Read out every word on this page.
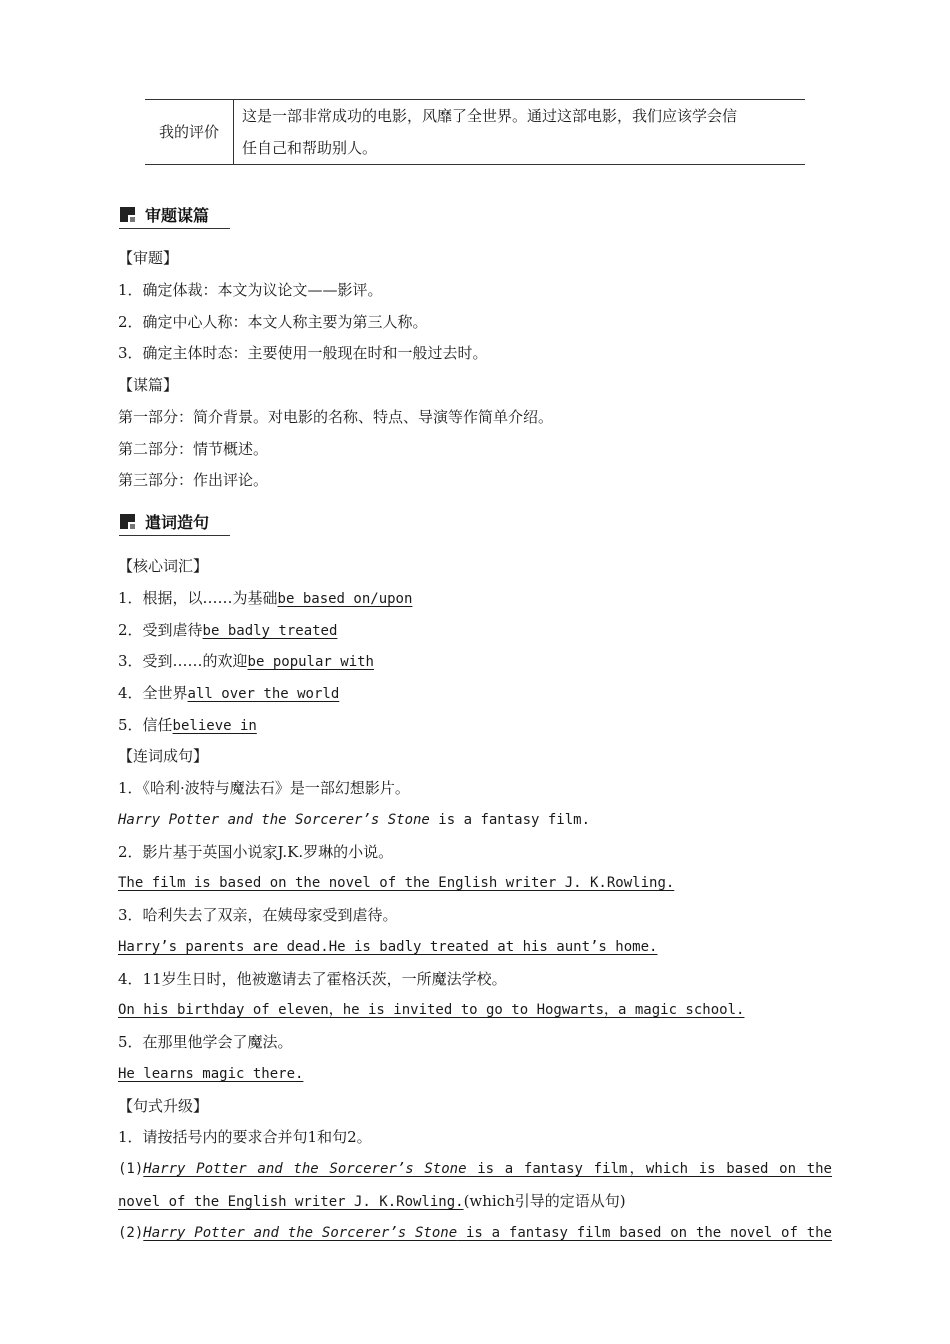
我的评价	
这是一部非常成功的电影，风靡了全世界。通过这部电影，我们应该学会信
任自己和帮助别人。
审题谋篇
【审题】
1．确定体裁：本文为议论文——影评。
2．确定中心人称：本文人称主要为第三人称。
3．确定主体时态：主要使用一般现在时和一般过去时。
【谋篇】
第一部分：简介背景。对电影的名称、特点、导演等作简单介绍。
第二部分：情节概述。
第三部分：作出评论。
遣词造句
【核心词汇】
1．根据，以……为基础be based on/upon
2．受到虐待be badly treated
3．受到……的欢迎be popular with
4．全世界all over the world
5．信任believe in
【连词成句】
1．《哈利·波特与魔法石》是一部幻想影片。
Harry Potter and the Sorcerer’s Stone is a fantasy film.
2．影片基于英国小说家J.K.罗琳的小说。
The film is based on the novel of the English writer J. K.Rowling.
3．哈利失去了双亲，在姨母家受到虐待。
Harry’s parents are dead.He is badly treated at his aunt’s home.
4．11岁生日时，他被邀请去了霍格沃茨，一所魔法学校。
On his birthday of eleven，he is invited to go to Hogwarts，a magic school.
5．在那里他学会了魔法。
He learns magic there.
【句式升级】
1．请按括号内的要求合并句1和句2。
(1)Harry Potter and the Sorcerer’s Stone is a fantasy film，which is based on the
novel of the English writer J. K.Rowling.(which引导的定语从句)
(2)Harry Potter and the Sorcerer’s Stone is a fantasy film based on the novel of the
